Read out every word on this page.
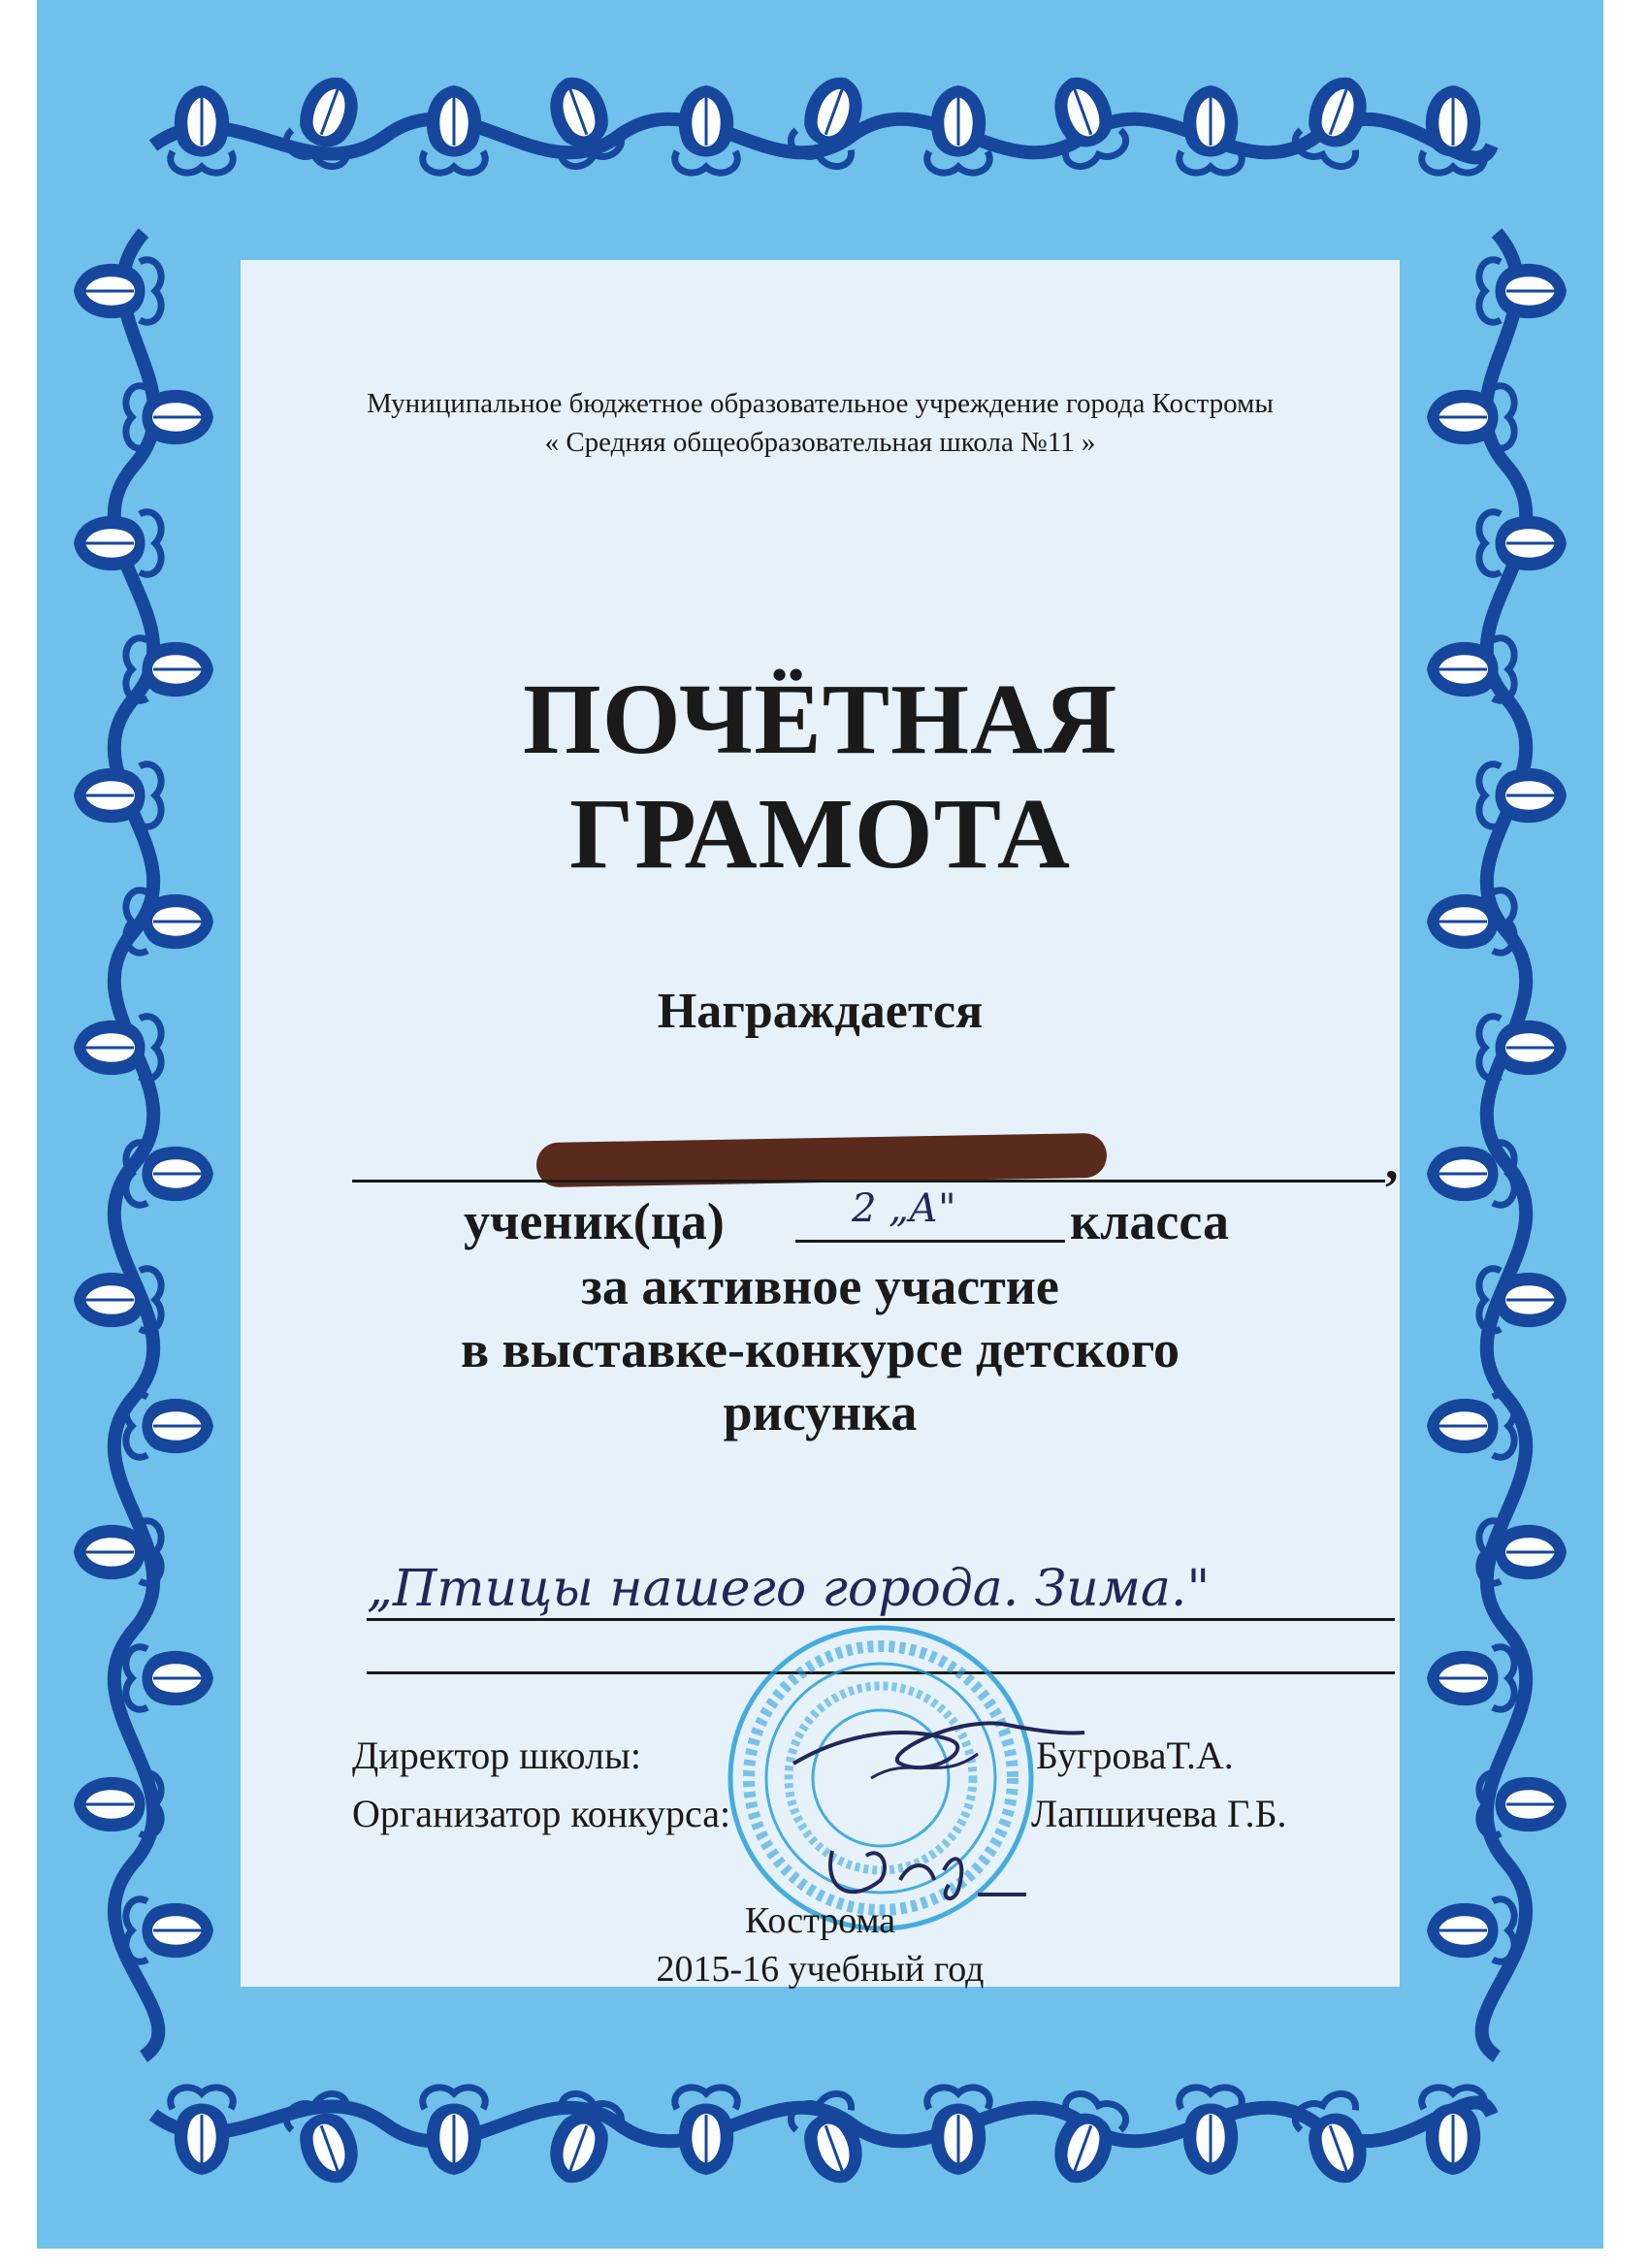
Муниципальное бюджетное образовательное учреждение города Костромы
« Средняя общеобразовательная школа №11 »
ПОЧЁТНАЯ
ГРАМОТА
Награждается
,
ученик(ца)	2 „А" класса
за активное участие
в выставке-конкурсе детского
рисунка
„Птицы нашего города. Зима."
Директор школы:	БугроваТ.А.
Организатор конкурса:	Лапшичева Г.Б.
Кострома
2015-16 учебный год
